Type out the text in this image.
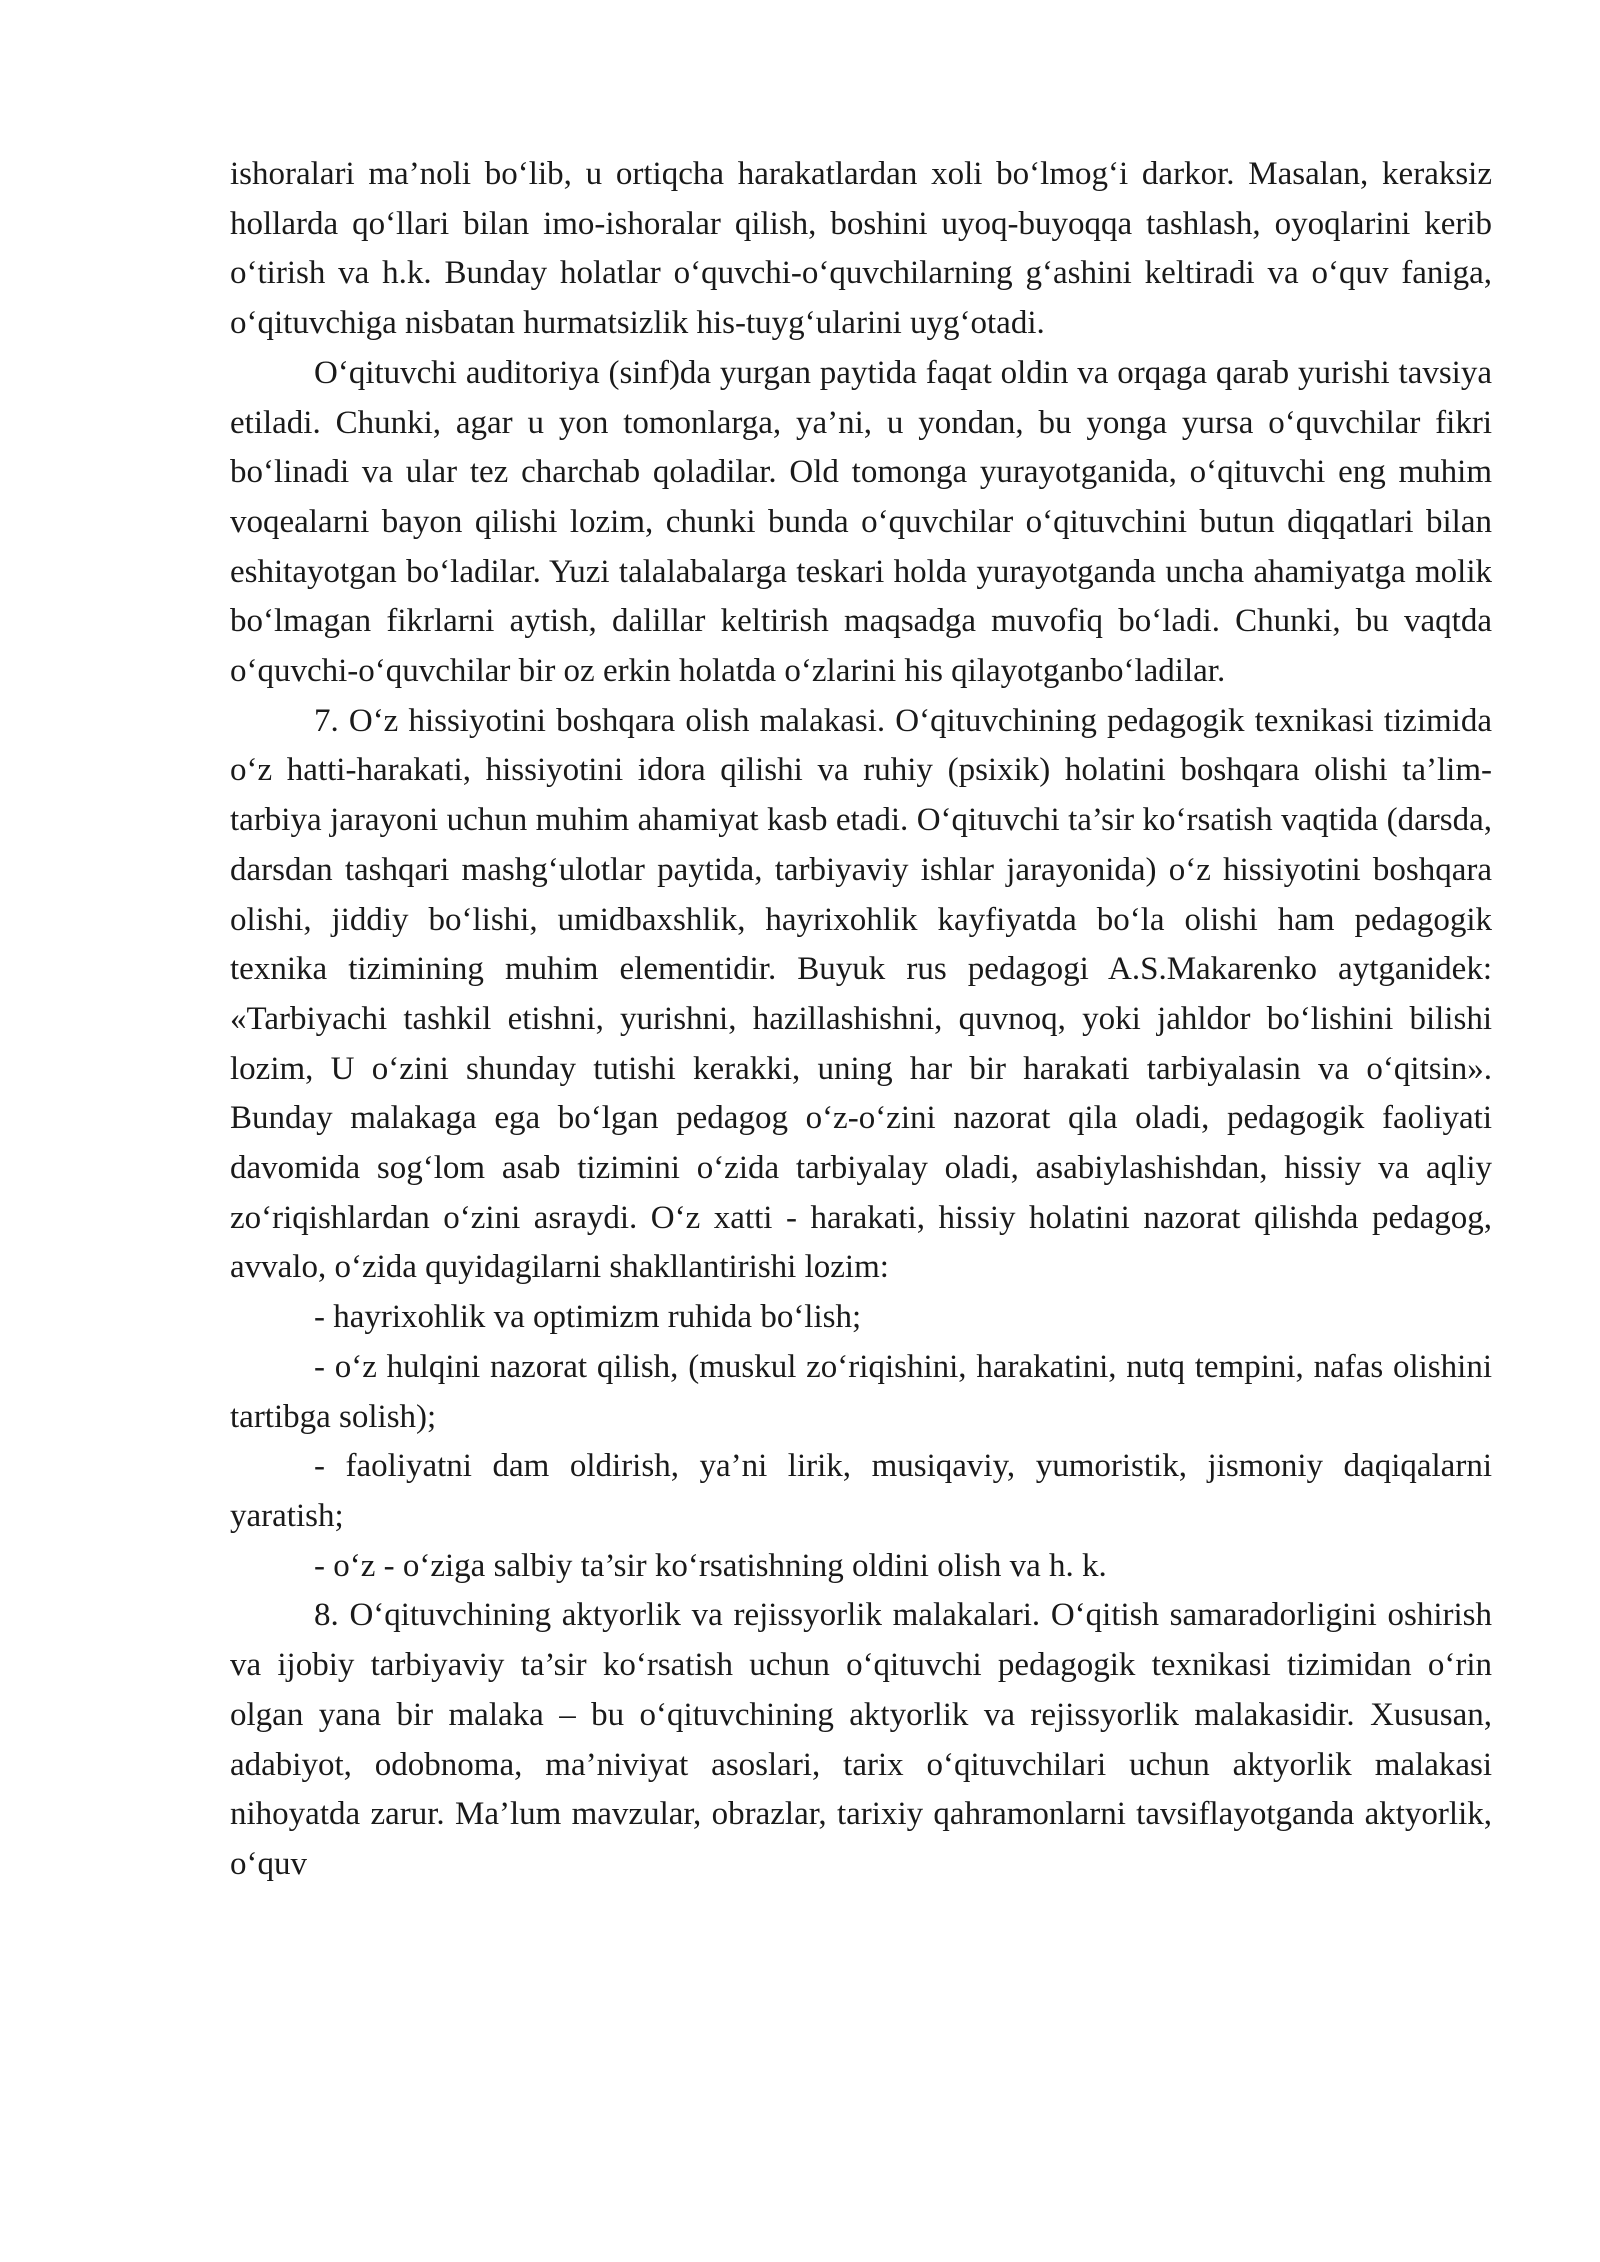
ishoralari ma’noli bo‘lib, u ortiqcha harakatlardan xoli bo‘lmog‘i darkor. Masalan, keraksiz hollarda qo‘llari bilan imo-ishoralar qilish, boshini uyoq-buyoqqa tashlash, oyoqlarini kerib o‘tirish va h.k. Bunday holatlar o‘quvchi-o‘quvchilarning g‘ashini keltiradi va o‘quv faniga, o‘qituvchiga nisbatan hurmatsizlik his-tuyg‘ularini uyg‘otadi.

O‘qituvchi auditoriya (sinf)da yurgan paytida faqat oldin va orqaga qarab yurishi tavsiya etiladi. Chunki, agar u yon tomonlarga, ya’ni, u yondan, bu yonga yursa o‘quvchilar fikri bo‘linadi va ular tez charchab qoladilar. Old tomonga yurayotganida, o‘qituvchi eng muhim voqealarni bayon qilishi lozim, chunki bunda o‘quvchilar o‘qituvchini butun diqqatlari bilan eshitayotgan bo‘ladilar. Yuzi talalabalarga teskari holda yurayotganda uncha ahamiyatga molik bo‘lmagan fikrlarni aytish, dalillar keltirish maqsadga muvofiq bo‘ladi. Chunki, bu vaqtda o‘quvchi-o‘quvchilar bir oz erkin holatda o‘zlarini his qilayotganbo‘ladilar.

7. O‘z hissiyotini boshqara olish malakasi. O‘qituvchining pedagogik texnikasi tizimida o‘z hatti-harakati, hissiyotini idora qilishi va ruhiy (psixik) holatini boshqara olishi ta’lim-tarbiya jarayoni uchun muhim ahamiyat kasb etadi. O‘qituvchi ta’sir ko‘rsatish vaqtida (darsda, darsdan tashqari mashg‘ulotlar paytida, tarbiyaviy ishlar jarayonida) o‘z hissiyotini boshqara olishi, jiddiy bo‘lishi, umidbaxshlik, hayrixohlik kayfiyatda bo‘la olishi ham pedagogik texnika tizimining muhim elementidir. Buyuk rus pedagogi A.S.Makarenko aytganidek: «Tarbiyachi tashkil etishni, yurishni, hazillashishni, quvnoq, yoki jahldor bo‘lishini bilishi lozim, U o‘zini shunday tutishi kerakki, uning har bir harakati tarbiyalasin va o‘qitsin». Bunday malakaga ega bo‘lgan pedagog o‘z-o‘zini nazorat qila oladi, pedagogik faoliyati davomida sog‘lom asab tizimini o‘zida tarbiyalay oladi, asabiylashishdan, hissiy va aqliy zo‘riqishlardan o‘zini asraydi. O‘z xatti - harakati, hissiy holatini nazorat qilishda pedagog, avvalo, o‘zida quyidagilarni shakllantirishi lozim:

- hayrixohlik va optimizm ruhida bo‘lish;

- o‘z hulqini nazorat qilish, (muskul zo‘riqishini, harakatini, nutq tempini, nafas olishini tartibga solish);

- faoliyatni dam oldirish, ya’ni lirik, musiqaviy, yumoristik, jismoniy daqiqalarni yaratish;

- o‘z - o‘ziga salbiy ta’sir ko‘rsatishning oldini olish va h. k.

8. O‘qituvchining aktyorlik va rejissyorlik malakalari. O‘qitish samaradorligini oshirish va ijobiy tarbiyaviy ta’sir ko‘rsatish uchun o‘qituvchi pedagogik texnikasi tizimidan o‘rin olgan yana bir malaka – bu o‘qituvchining aktyorlik va rejissyorlik malakasidir. Xususan, adabiyot, odobnoma, ma’niviyat asoslari, tarix o‘qituvchilari uchun aktyorlik malakasi nihoyatda zarur. Ma’lum mavzular, obrazlar, tarixiy qahramonlarni tavsiflayotganda aktyorlik, o‘quv
